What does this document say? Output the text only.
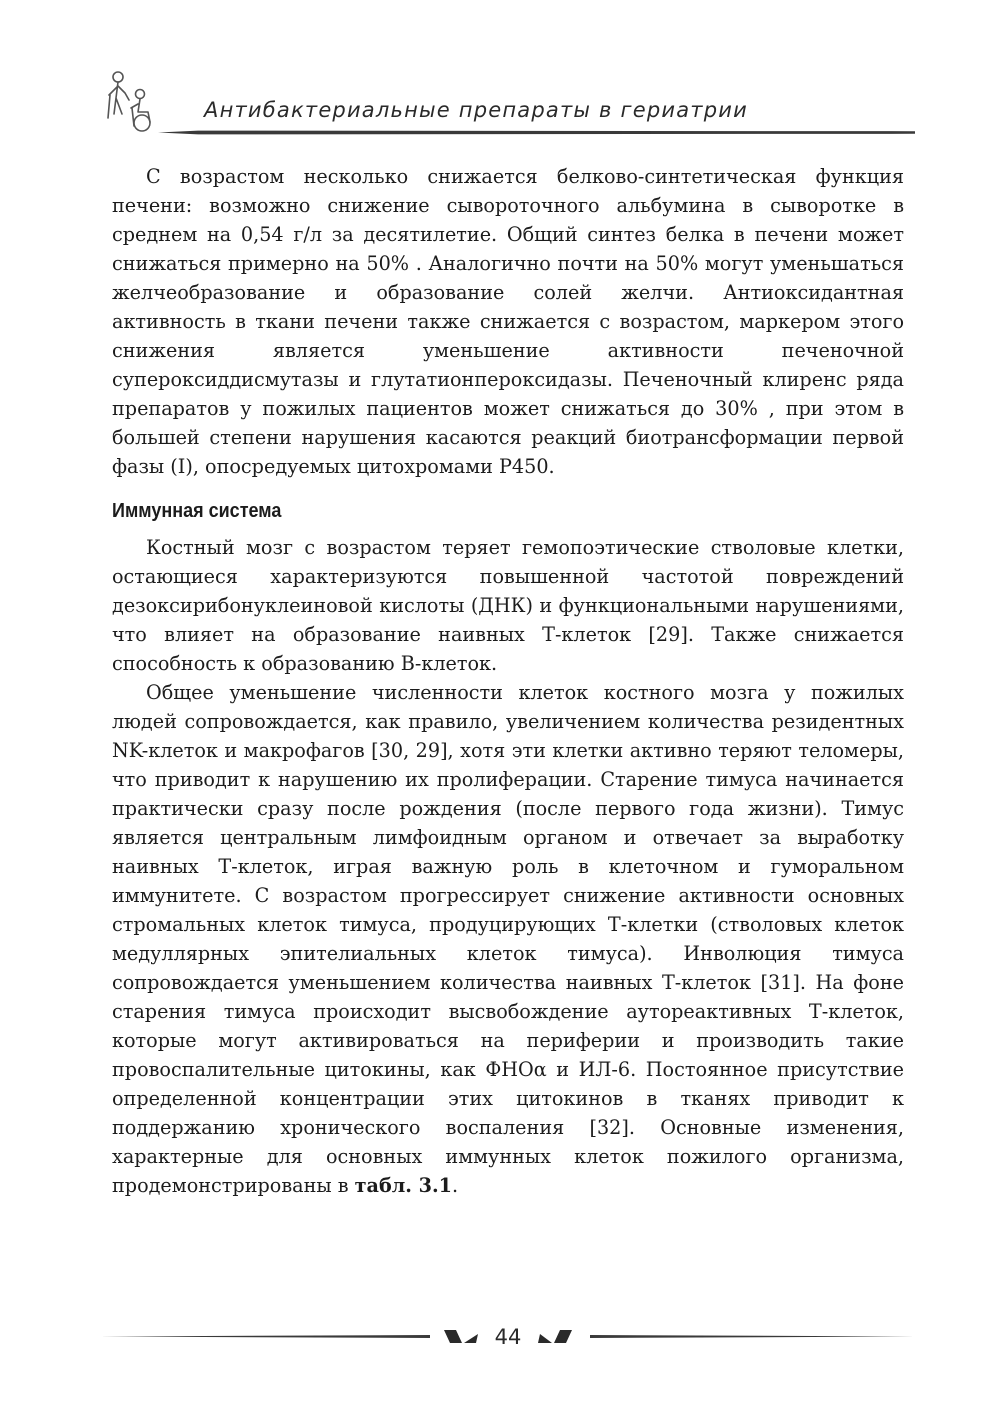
Антибактериальные препараты в гериатрии

С возрастом несколько снижается белково-синтетическая функция печени: возможно снижение сывороточного альбумина в сыворотке в среднем на 0,54 г/л за десятилетие. Общий синтез белка в печени может снижаться примерно на 50% . Аналогично почти на 50% могут уменьшаться желчеобразование и образование солей желчи. Антиоксидантная активность в ткани печени также снижается с возрастом, маркером этого снижения является уменьшение активности печеночной супероксиддисмутазы и глутатионпероксидазы. Печеночный клиренс ряда препаратов у пожилых пациентов может снижаться до 30% , при этом в большей степени нарушения касаются реакций биотрансформации первой фазы (I), опосредуемых цитохромами Р450.

Иммунная система

Костный мозг с возрастом теряет гемопоэтические стволовые клетки, остающиеся характеризуются повышенной частотой повреждений дезоксирибонуклеиновой кислоты (ДНК) и функциональными нарушениями, что влияет на образование наивных Т-клеток [29]. Также снижается способность к образованию В-клеток.

Общее уменьшение численности клеток костного мозга у пожилых людей сопровождается, как правило, увеличением количества резидентных NK-клеток и макрофагов [30, 29], хотя эти клетки активно теряют теломеры, что приводит к нарушению их пролиферации. Старение тимуса начинается практически сразу после рождения (после первого года жизни). Тимус является центральным лимфоидным органом и отвечает за выработку наивных Т-клеток, играя важную роль в клеточном и гуморальном иммунитете. С возрастом прогрессирует снижение активности основных стромальных клеток тимуса, продуцирующих Т-клетки (стволовых клеток медуллярных эпителиальных клеток тимуса). Инволюция тимуса сопровождается уменьшением количества наивных Т-клеток [31]. На фоне старения тимуса происходит высвобождение аутореактивных Т-клеток, которые могут активироваться на периферии и производить такие провоспалительные цитокины, как ФНОα и ИЛ-6. Постоянное присутствие определенной концентрации этих цитокинов в тканях приводит к поддержанию хронического воспаления [32]. Основные изменения, характерные для основных иммунных клеток пожилого организма, продемонстрированы в табл. 3.1.

44
